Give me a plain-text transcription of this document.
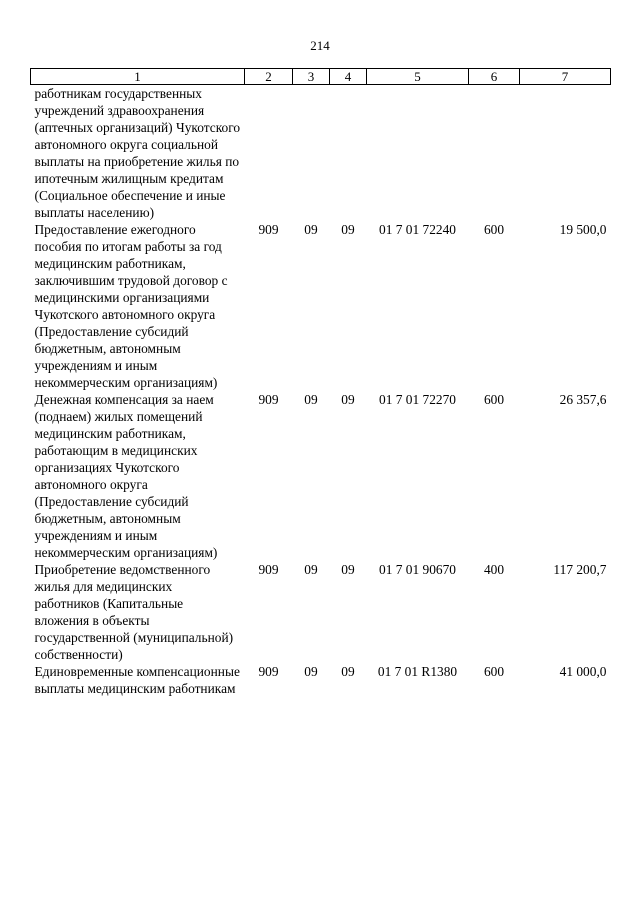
214
1	2	3	4	5	6	7
работникам государственных учреждений здравоохранения (аптечных организаций) Чукотского автономного округа социальной выплаты на приобретение жилья по ипотечным жилищным кредитам (Социальное обеспечение и иные выплаты населению)						
Предоставление ежегодного пособия по итогам работы за год медицинским работникам, заключившим трудовой договор с медицинскими организациями Чукотского автономного округа (Предоставление субсидий бюджетным, автономным учреждениям и иным некоммерческим организациям)	909	09	09	01 7 01 72240	600	19 500,0
Денежная компенсация за наем (поднаем) жилых помещений медицинским работникам, работающим в медицинских организациях Чукотского автономного округа (Предоставление субсидий бюджетным, автономным учреждениям и иным некоммерческим организациям)	909	09	09	01 7 01 72270	600	26 357,6
Приобретение ведомственного жилья для медицинских работников (Капитальные вложения в объекты государственной (муниципальной) собственности)	909	09	09	01 7 01 90670	400	117 200,7
Единовременные компенсационные выплаты медицинским работникам	909	09	09	01 7 01 R1380	600	41 000,0
